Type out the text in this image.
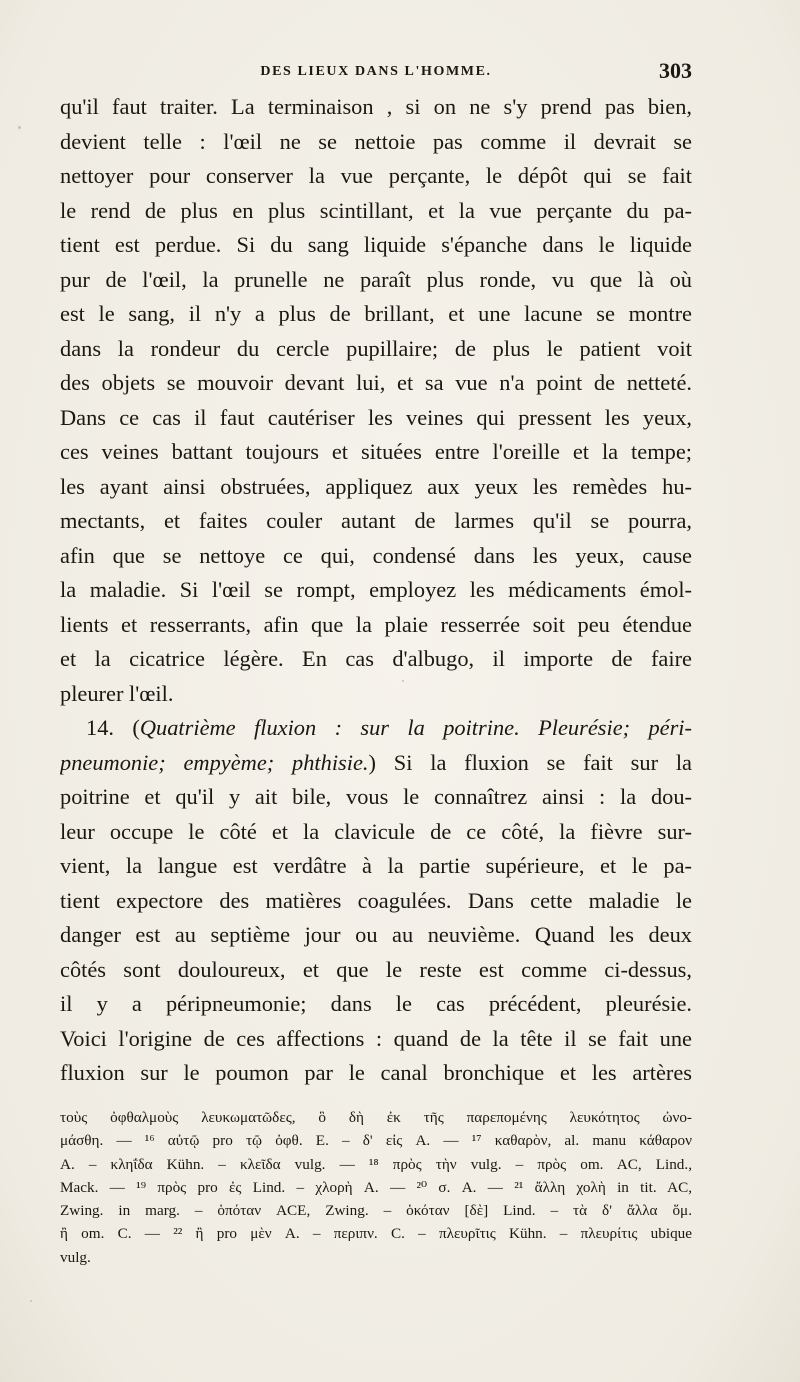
DES LIEUX DANS L'HOMME.	303
qu'il faut traiter. La terminaison , si on ne s'y prend pas bien,
devient telle : l'œil ne se nettoie pas comme il devrait se
nettoyer pour conserver la vue perçante, le dépôt qui se fait
le rend de plus en plus scintillant, et la vue perçante du pa-
tient est perdue. Si du sang liquide s'épanche dans le liquide
pur de l'œil, la prunelle ne paraît plus ronde, vu que là où
est le sang, il n'y a plus de brillant, et une lacune se montre
dans la rondeur du cercle pupillaire; de plus le patient voit
des objets se mouvoir devant lui, et sa vue n'a point de netteté.
Dans ce cas il faut cautériser les veines qui pressent les yeux,
ces veines battant toujours et situées entre l'oreille et la tempe;
les ayant ainsi obstruées, appliquez aux yeux les remèdes hu-
mectants, et faites couler autant de larmes qu'il se pourra,
afin que se nettoye ce qui, condensé dans les yeux, cause
la maladie. Si l'œil se rompt, employez les médicaments émol-
lients et resserrants, afin que la plaie resserrée soit peu étendue
et la cicatrice légère. En cas d'albugo, il importe de faire
pleurer l'œil.
14. (Quatrième fluxion : sur la poitrine. Pleurésie; péri-
pneumonie; empyème; phthisie.) Si la fluxion se fait sur la
poitrine et qu'il y ait bile, vous le connaîtrez ainsi : la dou-
leur occupe le côté et la clavicule de ce côté, la fièvre sur-
vient, la langue est verdâtre à la partie supérieure, et le pa-
tient expectore des matières coagulées. Dans cette maladie le
danger est au septième jour ou au neuvième. Quand les deux
côtés sont douloureux, et que le reste est comme ci-dessus,
il y a péripneumonie; dans le cas précédent, pleurésie.
Voici l'origine de ces affections : quand de la tête il se fait une
fluxion sur le poumon par le canal bronchique et les artères
τοὺς ὀφθαλμοὺς λευκωματῶδες, ὃ δὴ ἐκ τῆς παρεπομένης λευκότητος ὠνο-
μάσθη. — ¹⁶ αὐτῷ pro τῷ ὀφθ. E. – δ' εἰς A. — ¹⁷ καθαρὸν, al. manu κάθαρον
A. – κληΐδα Kühn. – κλεῖδα vulg. — ¹⁸ πρὸς τὴν vulg. – πρὸς om. AC, Lind.,
Mack. — ¹⁹ πρὸς pro ἐς Lind. – χλορὴ A. — ²⁰ σ. A. — ²¹ ἄλλη χολὴ in tit. AC,
Zwing. in marg. – ὁπόταν ACE, Zwing. – ὁκόταν [δὲ] Lind. – τὰ δ' ἄλλα ὅμ.
ἢ om. C. — ²² ἢ pro μὲν A. – περιπν. C. – πλευρῖτις Kühn. – πλευρίτις ubique
vulg.
